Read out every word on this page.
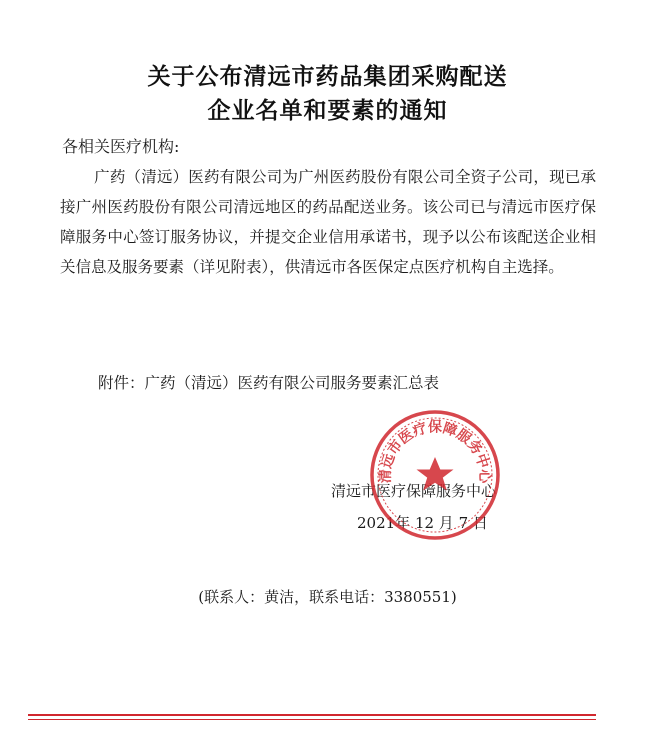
关于公布清远市药品集团采购配送
企业名单和要素的通知
各相关医疗机构:
广药（清远）医药有限公司为广州医药股份有限公司全资子公司，现已承接广州医药股份有限公司清远地区的药品配送业务。该公司已与清远市医疗保障服务中心签订服务协议，并提交企业信用承诺书，现予以公布该配送企业相关信息及服务要素（详见附表），供清远市各医保定点医疗机构自主选择。
附件：广药（清远）医药有限公司服务要素汇总表
清远市医疗保障服务中心
2021年 12 月 7 日
清远市医疗保障服务中心
(联系人：黄洁，联系电话：3380551)
